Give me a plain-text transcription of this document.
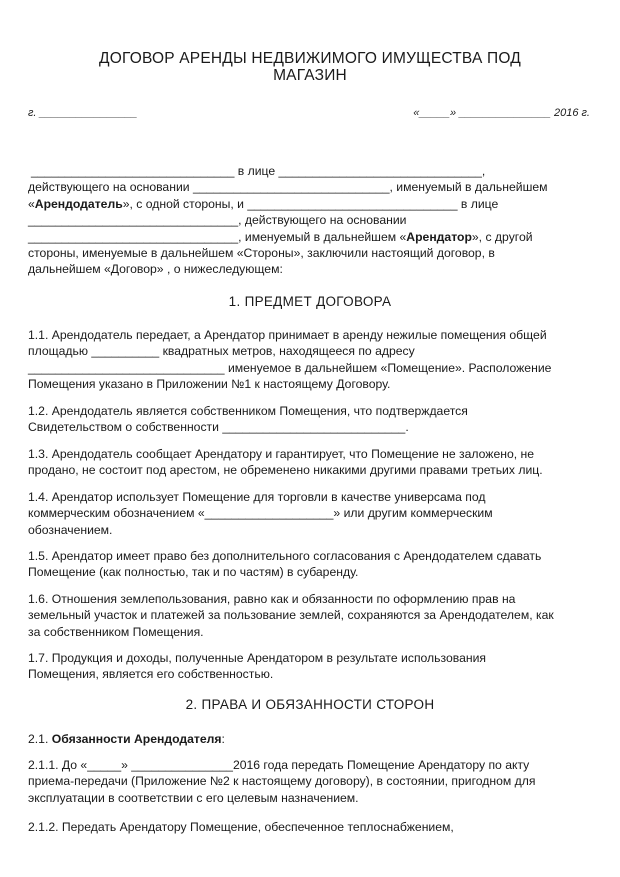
ДОГОВОР АРЕНДЫ НЕДВИЖИМОГО ИМУЩЕСТВА ПОД
МАГАЗИН
г. ________________	«_____» _______________ 2016 г.

______________________________ в лице ______________________________,

действующего на основании _____________________________, именуемый в дальнейшем

«Арендодатель», с одной стороны, и _______________________________ в лице

_______________________________, действующего на основании

_______________________________, именуемый в дальнейшем «Арендатор», с другой

стороны, именуемые в дальнейшем «Стороны», заключили настоящий договор, в

дальнейшем «Договор» , о нижеследующем:

1. ПРЕДМЕТ ДОГОВОРА

1.1. Арендодатель передает, а Арендатор принимает в аренду нежилые помещения общей

площадью __________ квадратных метров, находящееся по адресу

_____________________________ именуемое в дальнейшем «Помещение». Расположение

Помещения указано в Приложении №1 к настоящему Договору.

1.2. Арендодатель является собственником Помещения, что подтверждается

Свидетельством о собственности ___________________________.

1.3. Арендодатель сообщает Арендатору и гарантирует, что Помещение не заложено, не

продано, не состоит под арестом, не обременено никакими другими правами третьих лиц.

1.4. Арендатор использует Помещение для торговли в качестве универсама под

коммерческим обозначением «___________________» или другим коммерческим

обозначением.

1.5. Арендатор имеет право без дополнительного согласования с Арендодателем сдавать

Помещение (как полностью, так и по частям) в субаренду.

1.6. Отношения землепользования, равно как и обязанности по оформлению прав на

земельный участок и платежей за пользование землей, сохраняются за Арендодателем, как

за собственником Помещения.

1.7. Продукция и доходы, полученные Арендатором в результате использования

Помещения, является его собственностью.

2. ПРАВА И ОБЯЗАННОСТИ СТОРОН

2.1. Обязанности Арендодателя:

2.1.1. До «_____» _______________2016 года передать Помещение Арендатору по акту

приема-передачи (Приложение №2 к настоящему договору), в состоянии, пригодном для

эксплуатации в соответствии с его целевым назначением.

2.1.2. Передать Арендатору Помещение, обеспеченное теплоснабжением,
